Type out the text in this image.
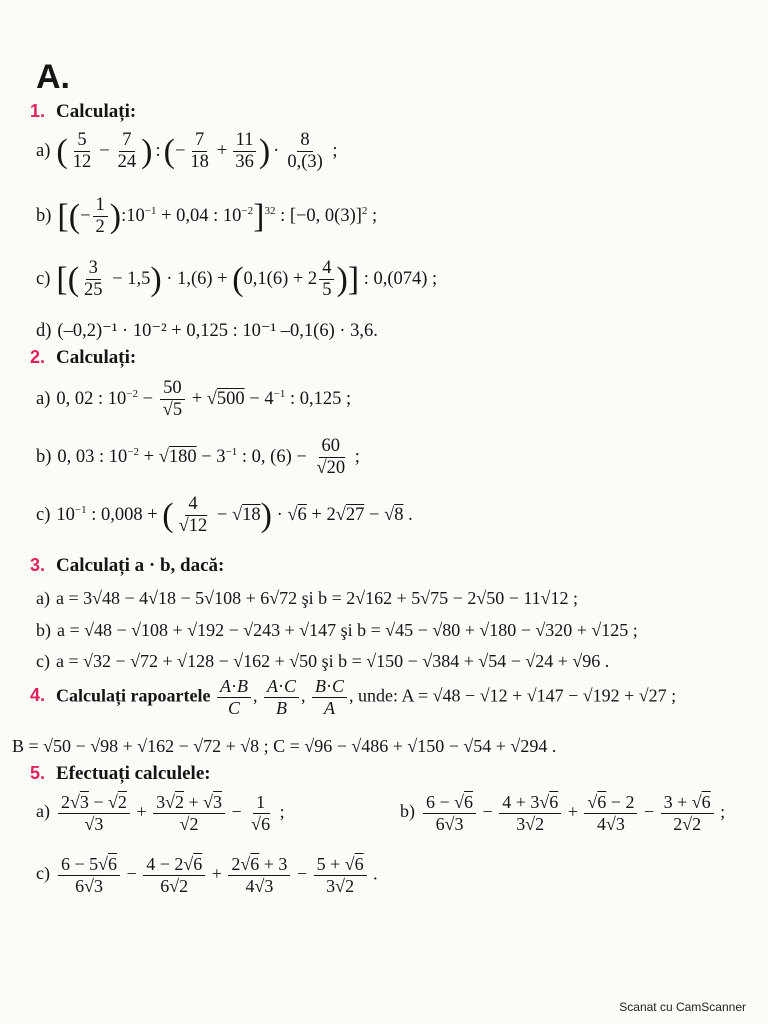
A.
1. Calculați:
a) ( $\frac{5}{12} - \frac{7}{24}$ ) :(− $\frac{7}{18} + \frac{11}{36}$ ) · $\frac{8}{0,(3)}$ ;
b) [(− $\frac{1}{2}$ )$:10^{-1} + 0,04$ : $10^{-2}]^{32}$ : [−0, 0(3)]$^2$ ;
c) [( $\frac{3}{25} - 1,5) \cdot 1,(6) + (0,1(6) + 2 \frac{4}{5}$ )] : 0,(074) ;
d) (–0,2)⁻¹ · 10⁻² + 0,125 : 10⁻¹ –0,1(6) · 3,6.
2. Calculați:
a) 0, 02 : $10^{-2} - \frac{50}{√5} + √500 - 4^{-1}$ : 0,125 ;
b) 0, 03 : $10^{-2} + √180 - 3^{-1}$ : 0, $(6) - \frac{60}{√20}$ ;
c) $10^{-1}$ : 0,008 + ( $\frac{4}{√12} - √18) \cdot √6 + 2√27 - √8$ .
3. Calculați a · b, dacă:
a) a = 3√48 − 4√18 − 5√108 + 6√72 şi b = 2√162 + 5√75 − 2√50 − 11√12 ;
b) a = √48 − √108 + √192 − √243 + √147 şi b = √45 − √80 + √180 − √320 + √125 ;
c) a = √32 − √72 + √128 − √162 + √50 şi b = √150 − √384 + √54 − √24 + √96 .
4. Calculați rapoartele $\frac{A\cdot B}{C}$ , $\frac{A\cdot C}{B}$ , $\frac{B\cdot C}{A}$ , unde: A = √48 − √12 + √147 − √192 + √27 ;
B = √50 − √98 + √162 − √72 + √8 ; C = √96 − √486 + √150 − √54 + √294 .
5. Efectuați calculele:
$a) \frac{2√3 - √2}{√3} + \frac{3√2 + √3}{√2} - \frac{1}{√6}$ ;	$b) \frac{6 - √6}{6√3} - \frac{4 + 3√6}{3√2} + \frac{√6 - 2}{4√3} - \frac{3 + √6}{2√2}$ ;
$c) \frac{6 - 5√6}{6√3} - \frac{4 - 2√6}{6√2} + \frac{2√6 + 3}{4√3} - \frac{5 + √6}{3√2}$ .
Scanat cu CamScanner
